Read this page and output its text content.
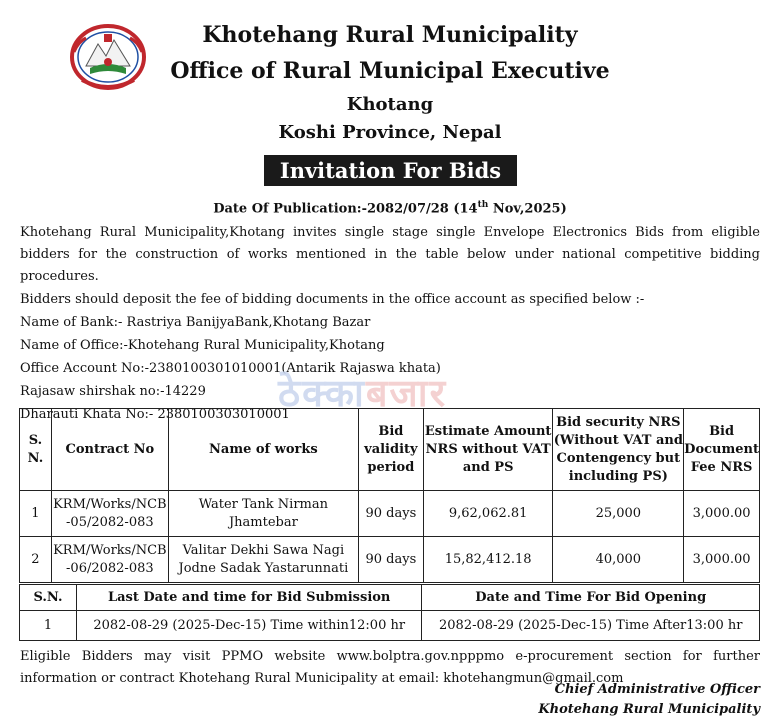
Khotehang Rural Municipality
Office of Rural Municipal Executive
Khotang
Koshi Province, Nepal
Invitation For Bids
Date Of Publication:-2082/07/28 (14th Nov,2025)

Khotehang Rural Municipality,Khotang invites single stage single Envelope Electronics Bids from eligible bidders for the construction of works mentioned in the table below under national competitive bidding procedures.

Bidders should deposit the fee of bidding documents in the office account as specified below :-

Name of Bank:- Rastriya BanijyaBank,Khotang Bazar

Name of Office:-Khotehang Rural Municipality,Khotang

Office Account No:-2380100301010001(Antarik Rajaswa khata)

Rajasaw shirshak no:-14229

Dharauti Khata No:- 2380100303010001

ठेक्काबजार
S. N.	Contract No	Name of works	Bid validity period	Estimate Amount NRS without VAT and PS	Bid security NRS (Without VAT and Contengency but including PS)	Bid Document Fee NRS
1	KRM/Works/NCB -05/2082-083	Water Tank Nirman Jhamtebar	90 days	9,62,062.81	25,000	3,000.00
2	KRM/Works/NCB -06/2082-083	Valitar Dekhi Sawa Nagi Jodne Sadak Yastarunnati	90 days	15,82,412.18	40,000	3,000.00
S.N.	Last Date and time for Bid Submission	Date and Time For Bid Opening
1	2082-08-29 (2025-Dec-15) Time within12:00 hr	2082-08-29 (2025-Dec-15) Time After13:00 hr

Eligible Bidders may visit PPMO website www.bolptra.gov.npppmo e-procurement section for further information or contract Khotehang Rural Municipality at email: khotehangmun@gmail.com

Chief Administrative Officer
Khotehang Rural Municipality
